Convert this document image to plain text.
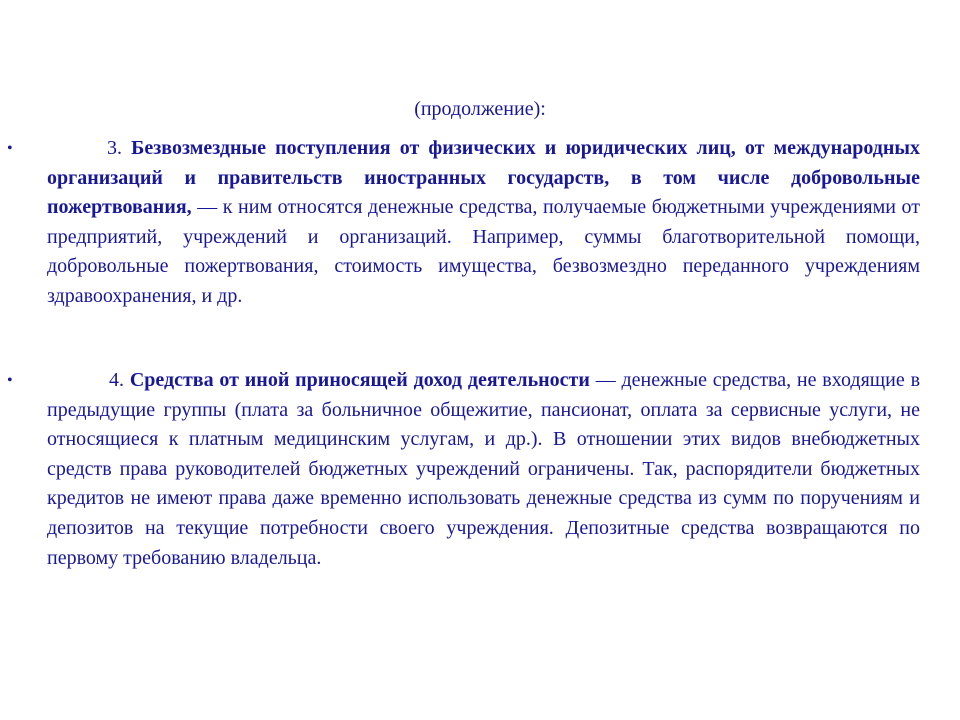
(продолжение):
•	3. Безвозмездные поступления от физических и юридических лиц, от международных организаций и правительств иностранных государств, в том числе добровольные пожертвования, — к ним относятся денежные средства, получаемые бюджетными учреждениями от предприятий, учреждений и организаций. Например, суммы благотворительной помощи, добровольные пожертвования, стоимость имущества, безвозмездно переданного учреждениям здравоохранения, и др.
•	4. Средства от иной приносящей доход деятельности — денежные средства, не входящие в предыдущие группы (плата за больничное общежитие, пансионат, оплата за сервисные услуги, не относящиеся к платным медицинским услугам, и др.). В отношении этих видов внебюджетных средств права руководителей бюджетных учреждений ограничены. Так, распорядители бюджетных кредитов не имеют права даже временно использовать денежные средства из сумм по поручениям и депозитов на текущие потребности своего учреждения. Депозитные средства возвращаются по первому требованию владельца.
